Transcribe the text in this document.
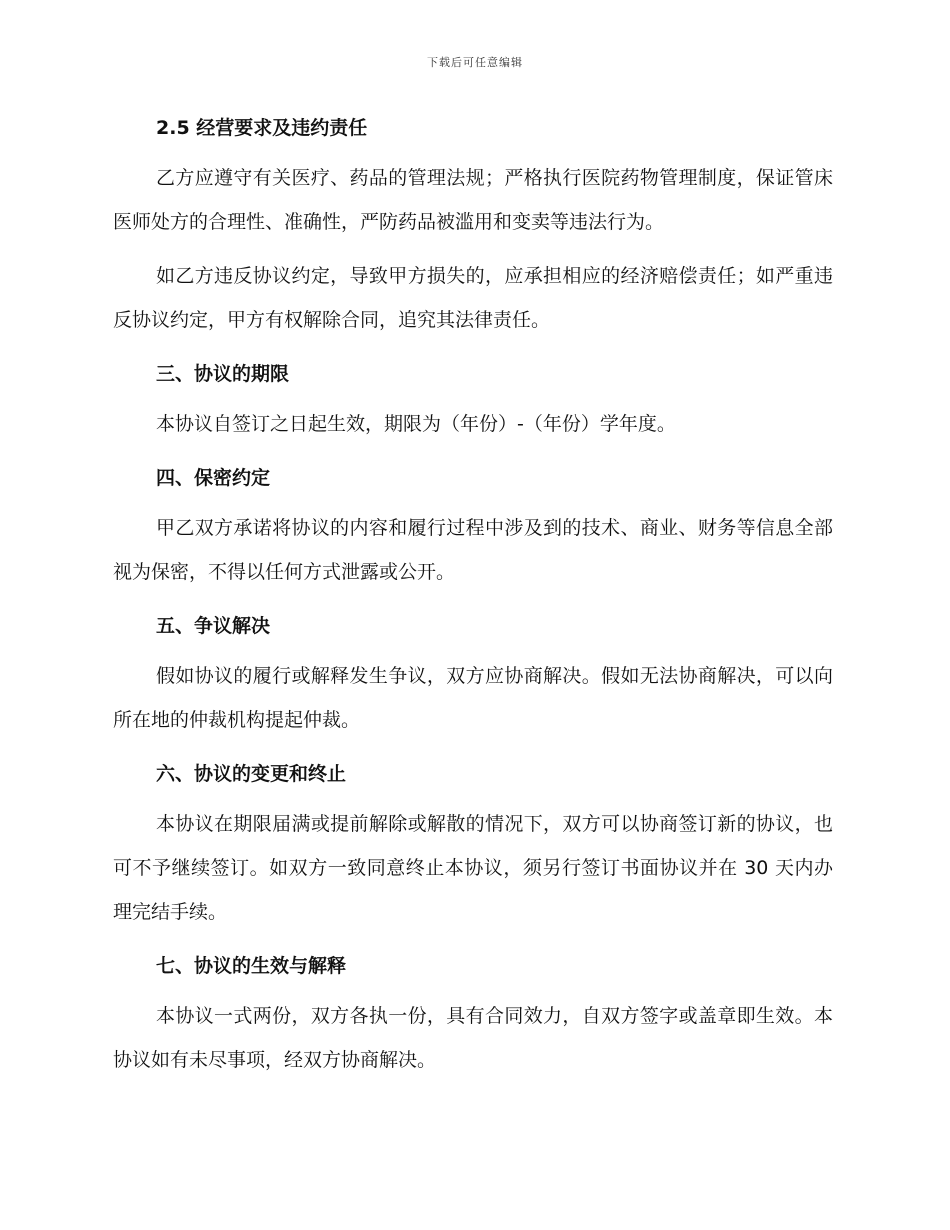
下载后可任意编辑
2.5 经营要求及违约责任

乙方应遵守有关医疗、药品的管理法规；严格执行医院药物管理制度，保证管床医师处方的合理性、准确性，严防药品被滥用和变卖等违法行为。

如乙方违反协议约定，导致甲方损失的，应承担相应的经济赔偿责任；如严重违反协议约定，甲方有权解除合同，追究其法律责任。

三、协议的期限

本协议自签订之日起生效，期限为（年份）-（年份）学年度。

四、保密约定

甲乙双方承诺将协议的内容和履行过程中涉及到的技术、商业、财务等信息全部视为保密，不得以任何方式泄露或公开。

五、争议解决

假如协议的履行或解释发生争议，双方应协商解决。假如无法协商解决，可以向所在地的仲裁机构提起仲裁。

六、协议的变更和终止

本协议在期限届满或提前解除或解散的情况下，双方可以协商签订新的协议，也可不予继续签订。如双方一致同意终止本协议，须另行签订书面协议并在 30 天内办理完结手续。

七、协议的生效与解释

本协议一式两份，双方各执一份，具有合同效力，自双方签字或盖章即生效。本协议如有未尽事项，经双方协商解决。
